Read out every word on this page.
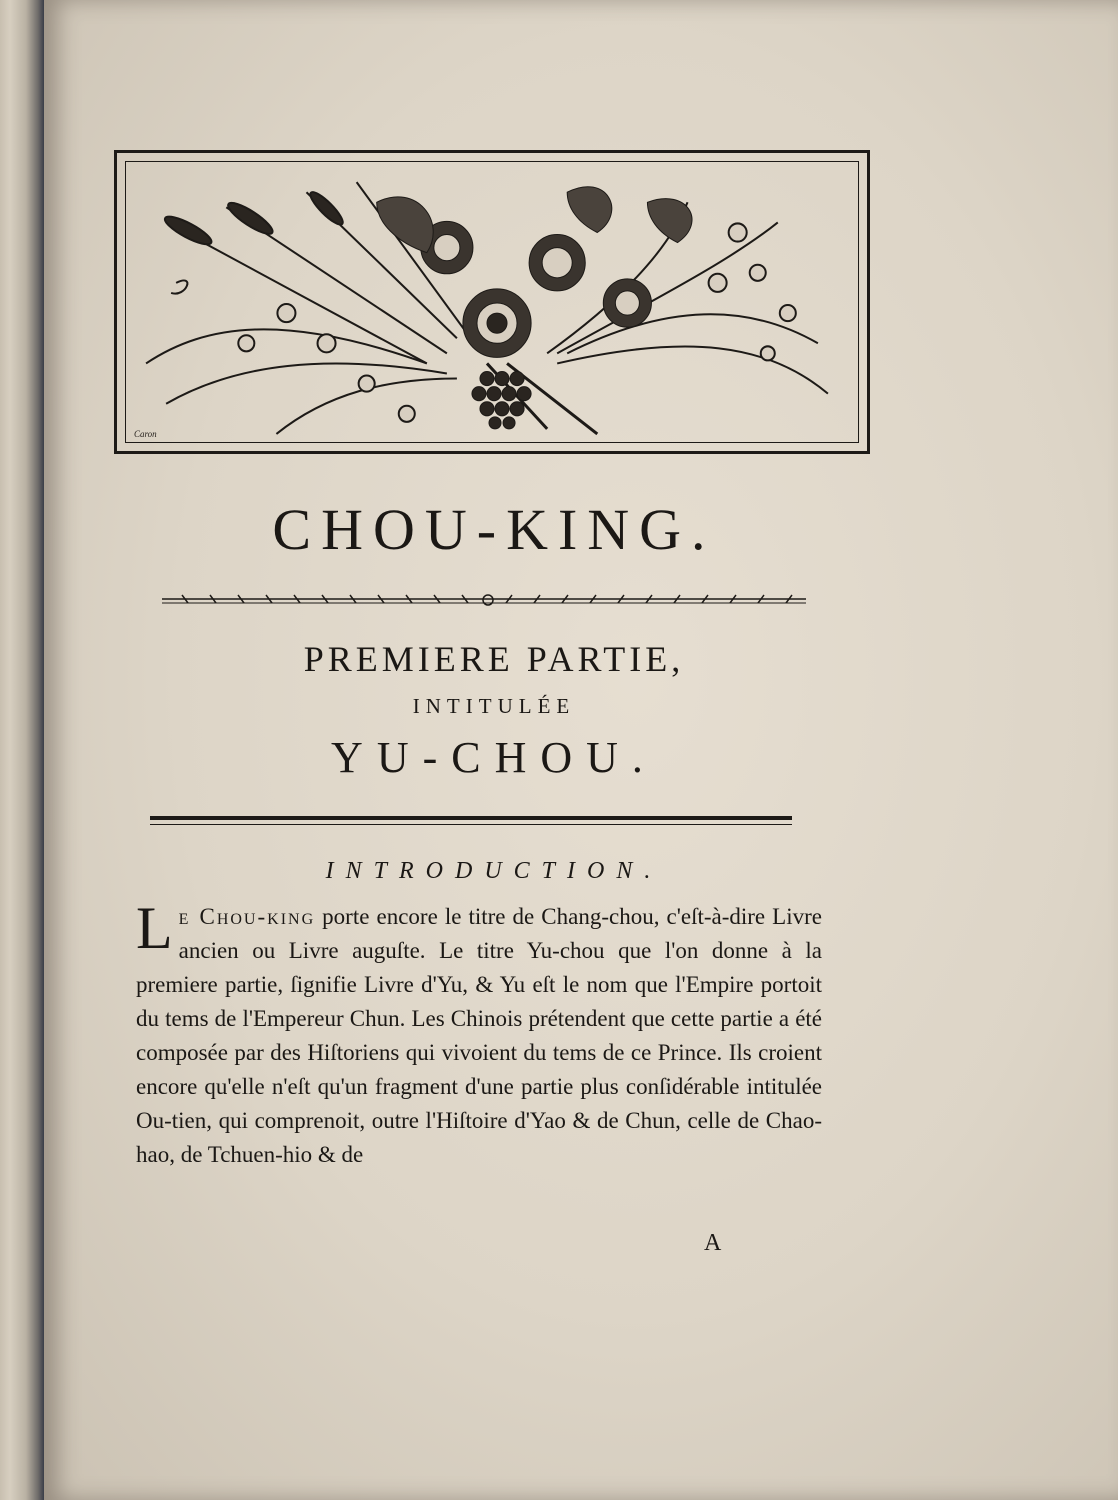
Caron
CHOU-KING.
PREMIERE PARTIE,
INTITULÉE
YU-CHOU.
INTRODUCTION.

Le Chou-king porte encore le titre de Chang-chou, c'eſt-à-dire Livre ancien ou Livre auguſte. Le titre Yu-chou que l'on donne à la premiere partie, ſignifie Livre d'Yu, & Yu eſt le nom que l'Empire portoit du tems de l'Empereur Chun. Les Chinois prétendent que cette partie a été composée par des Hiſtoriens qui vivoient du tems de ce Prince. Ils croient encore qu'elle n'eſt qu'un fragment d'une partie plus conſidérable intitulée Ou-tien, qui comprenoit, outre l'Hiſtoire d'Yao & de Chun, celle de Chao-hao, de Tchuen-hio & de

A
